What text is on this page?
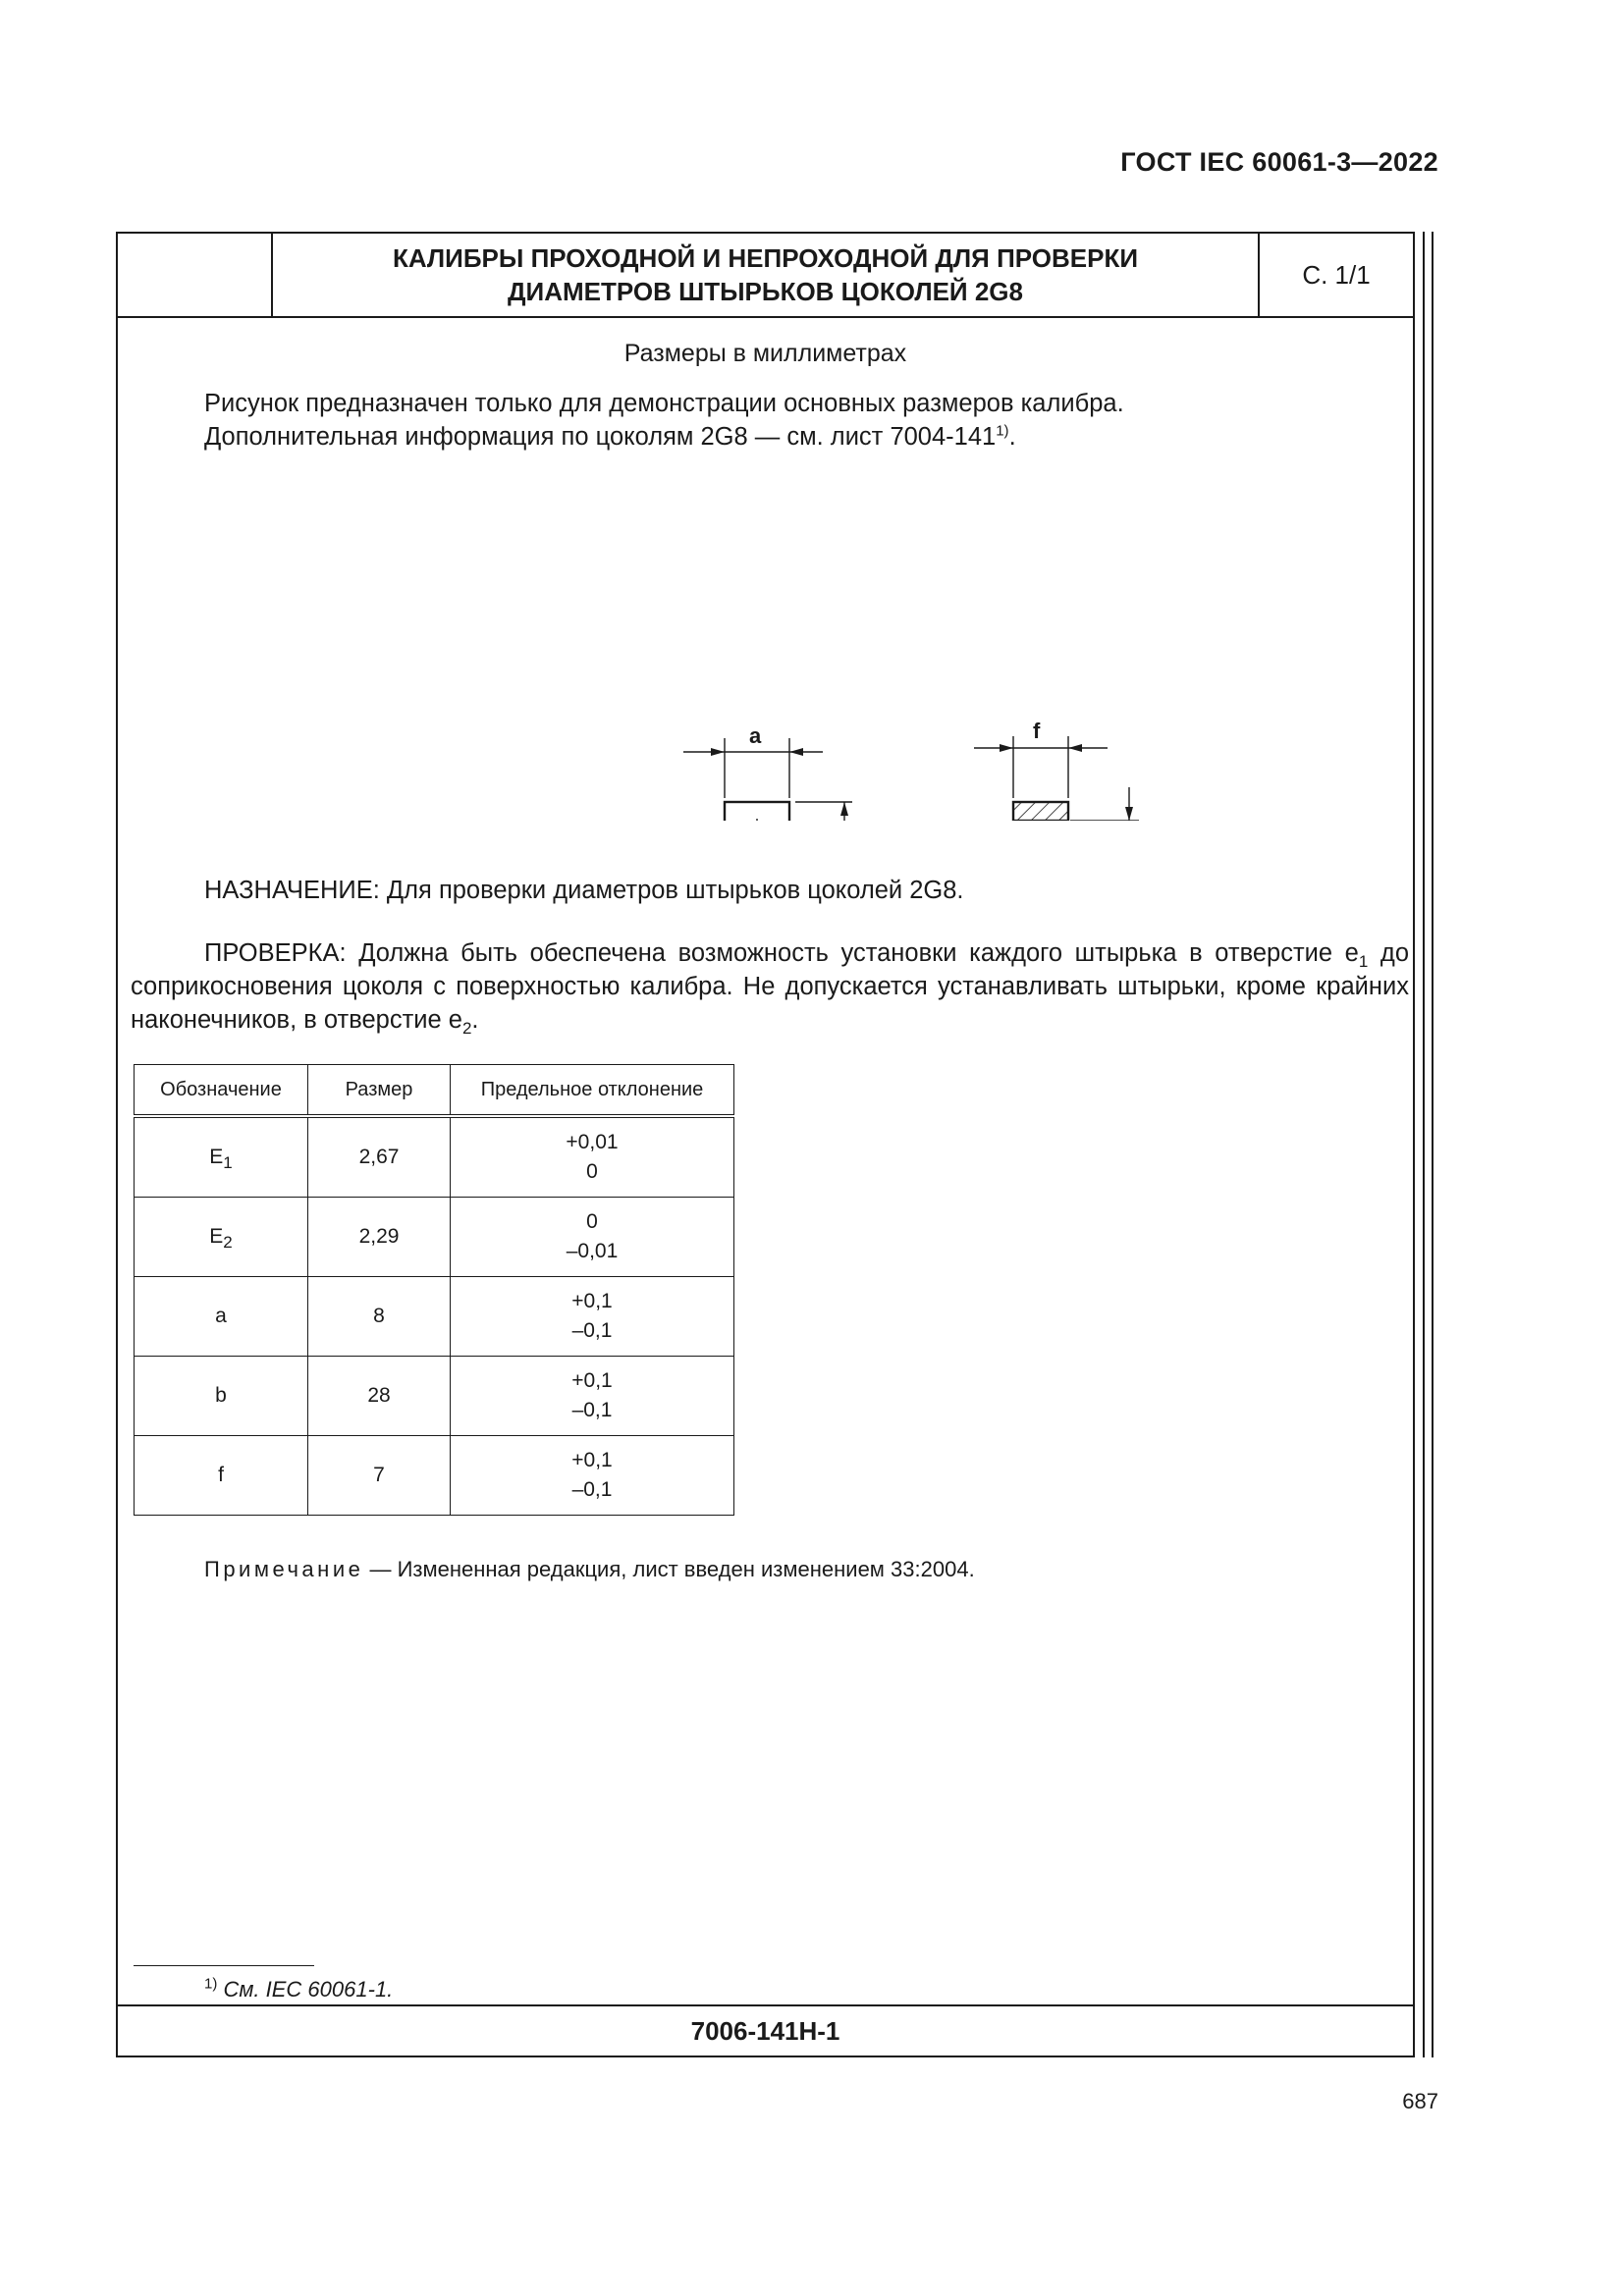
ГОСТ IEC 60061-3—2022
КАЛИБРЫ ПРОХОДНОЙ И НЕПРОХОДНОЙ ДЛЯ ПРОВЕРКИ
ДИАМЕТРОВ ШТЫРЬКОВ ЦОКОЛЕЙ 2G8
С. 1/1
Размеры в миллиметрах
Рисунок предназначен только для демонстрации основных размеров калибра.
Дополнительная информация по цоколям 2G8 — см. лист 7004-141$^{1)}$.
a	f
НАЗНАЧЕНИЕ: Для проверки диаметров штырьков цоколей 2G8.
ПРОВЕРКА: Должна быть обеспечена возможность установки каждого штырька в отверстие $e_1$ до соприкосновения цоколя с поверхностью калибра. Не допускается устанавливать штырьки, кроме крайних наконечников, в отверстие $e_2$.
Обозначение	Размер	Предельное отклонение
$E_1$	2,67	+0,01
0

$E_2$	2,29	0
–0,01

a	8	+0,1
–0,1

b	28	+0,1
–0,1

f	7	+0,1
–0,1
Примечание — Измененная редакция, лист введен изменением 33:2004.
$^{1)}$ См. IEC 60061-1.
7006-141H-1
687
